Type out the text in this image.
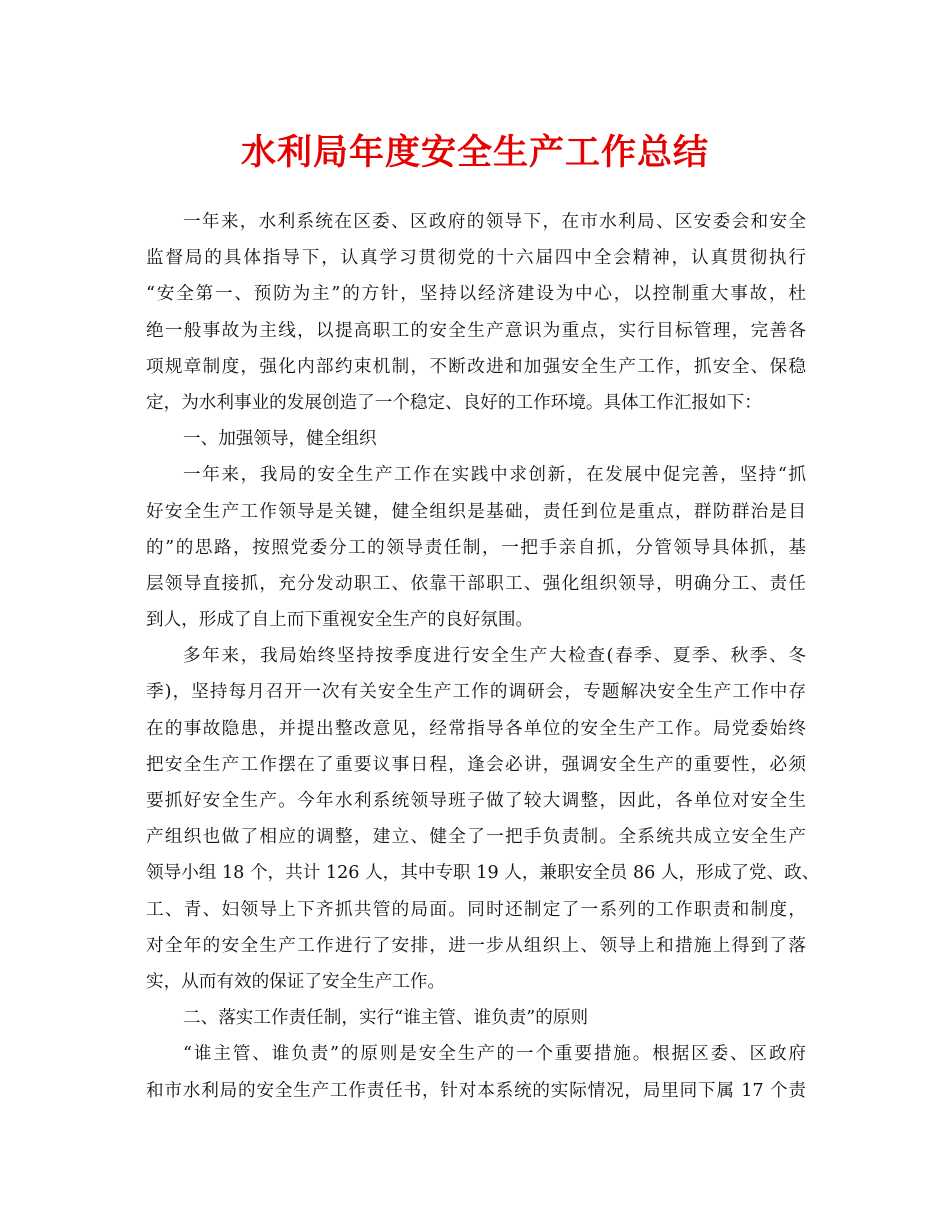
水利局年度安全生产工作总结
一年来，水利系统在区委、区政府的领导下，在市水利局、区安委会和安全
监督局的具体指导下，认真学习贯彻党的十六届四中全会精神，认真贯彻执行
“安全第一、预防为主”的方针，坚持以经济建设为中心，以控制重大事故，杜
绝一般事故为主线，以提高职工的安全生产意识为重点，实行目标管理，完善各
项规章制度，强化内部约束机制，不断改进和加强安全生产工作，抓安全、保稳
定，为水利事业的发展创造了一个稳定、良好的工作环境。具体工作汇报如下：
一、加强领导，健全组织
一年来，我局的安全生产工作在实践中求创新，在发展中促完善，坚持“抓
好安全生产工作领导是关键，健全组织是基础，责任到位是重点，群防群治是目
的”的思路，按照党委分工的领导责任制，一把手亲自抓，分管领导具体抓，基
层领导直接抓，充分发动职工、依靠干部职工、强化组织领导，明确分工、责任
到人，形成了自上而下重视安全生产的良好氛围。
多年来，我局始终坚持按季度进行安全生产大检查(春季、夏季、秋季、冬
季)，坚持每月召开一次有关安全生产工作的调研会，专题解决安全生产工作中存
在的事故隐患，并提出整改意见，经常指导各单位的安全生产工作。局党委始终
把安全生产工作摆在了重要议事日程，逢会必讲，强调安全生产的重要性，必须
要抓好安全生产。今年水利系统领导班子做了较大调整，因此，各单位对安全生
产组织也做了相应的调整，建立、健全了一把手负责制。全系统共成立安全生产
领导小组 18 个，共计 126 人，其中专职 19 人，兼职安全员 86 人，形成了党、政、
工、青、妇领导上下齐抓共管的局面。同时还制定了一系列的工作职责和制度，
对全年的安全生产工作进行了安排，进一步从组织上、领导上和措施上得到了落
实，从而有效的保证了安全生产工作。
二、落实工作责任制，实行“谁主管、谁负责”的原则
“谁主管、谁负责”的原则是安全生产的一个重要措施。根据区委、区政府
和市水利局的安全生产工作责任书，针对本系统的实际情况，局里同下属 17 个责
